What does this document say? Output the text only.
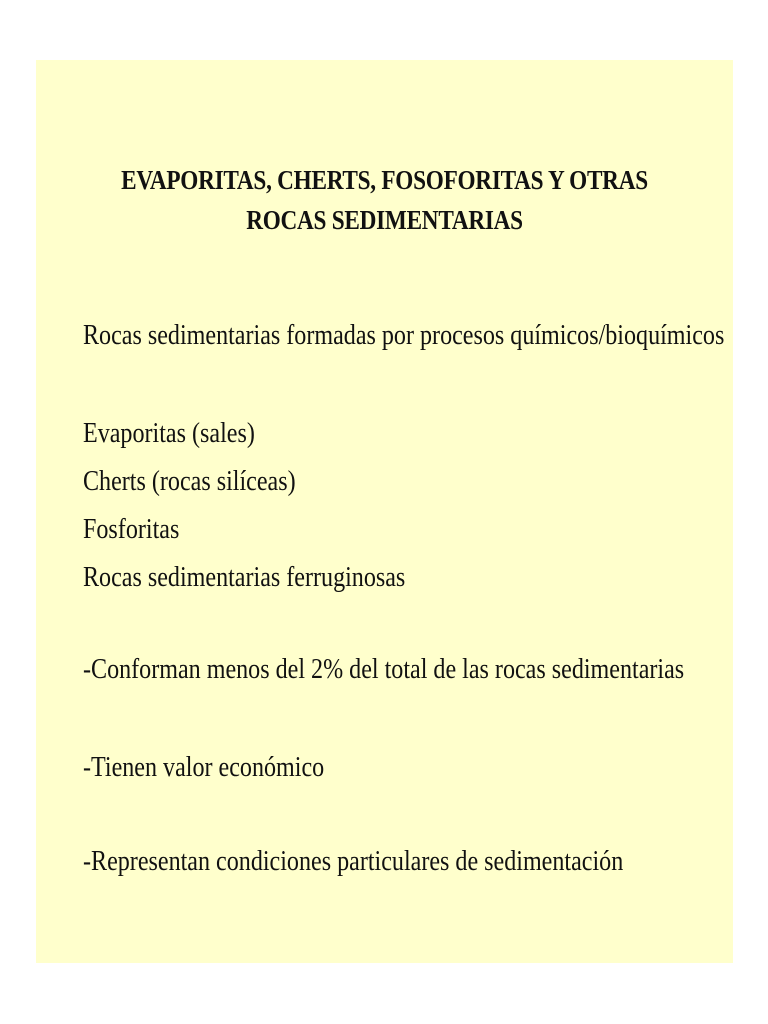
EVAPORITAS, CHERTS, FOSOFORITAS Y OTRAS
ROCAS SEDIMENTARIAS
Rocas sedimentarias formadas por procesos químicos/bioquímicos
Evaporitas (sales)
Cherts (rocas silíceas)
Fosforitas
Rocas sedimentarias ferruginosas
-Conforman menos del 2% del total de las rocas sedimentarias
-Tienen valor económico
-Representan condiciones particulares de sedimentación
